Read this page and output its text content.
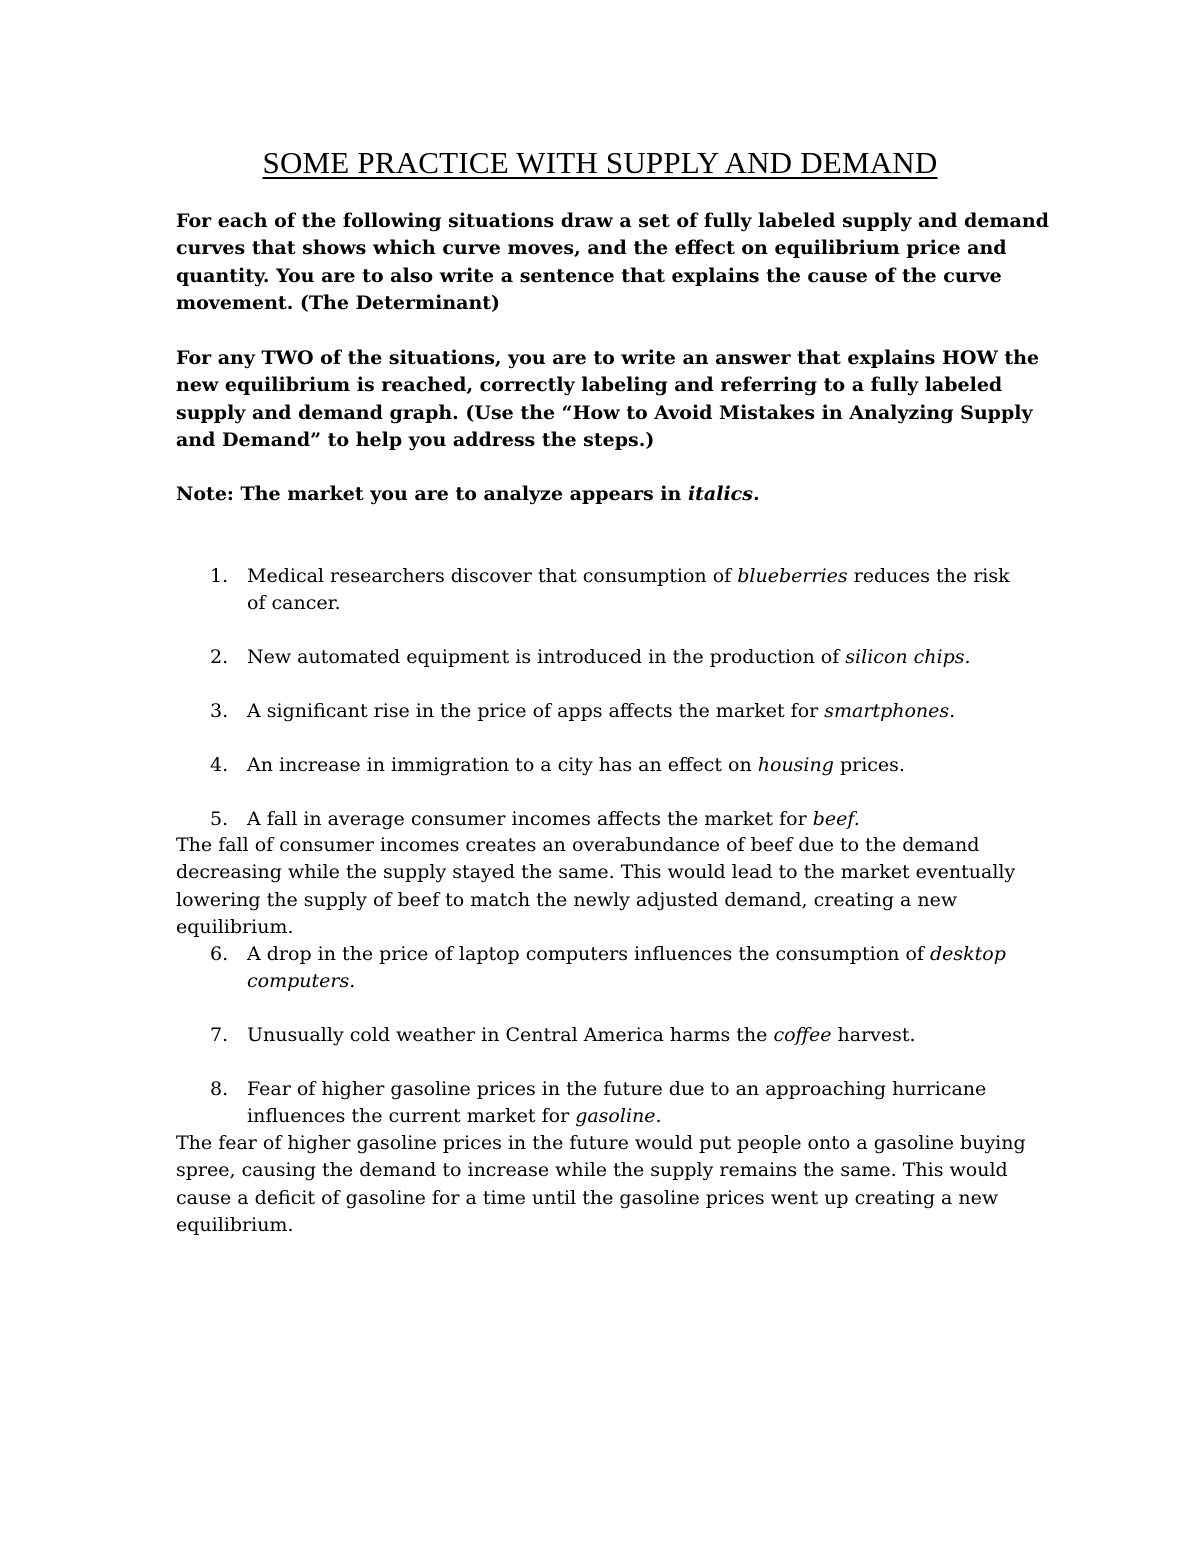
SOME PRACTICE WITH SUPPLY AND DEMAND

For each of the following situations draw a set of fully labeled supply and demand curves that shows which curve moves, and the effect on equilibrium price and quantity. You are to also write a sentence that explains the cause of the curve movement. (The Determinant)

For any TWO of the situations, you are to write an answer that explains HOW the new equilibrium is reached, correctly labeling and referring to a fully labeled supply and demand graph. (Use the “How to Avoid Mistakes in Analyzing Supply and Demand” to help you address the steps.)

Note: The market you are to analyze appears in italics.

1. Medical researchers discover that consumption of blueberries reduces the risk of cancer.
2. New automated equipment is introduced in the production of silicon chips.
3. A significant rise in the price of apps affects the market for smartphones.
4. An increase in immigration to a city has an effect on housing prices.
5. A fall in average consumer incomes affects the market for beef.

The fall of consumer incomes creates an overabundance of beef due to the demand decreasing while the supply stayed the same. This would lead to the market eventually lowering the supply of beef to match the newly adjusted demand, creating a new equilibrium.

6. A drop in the price of laptop computers influences the consumption of desktop computers.
7. Unusually cold weather in Central America harms the coffee harvest.
8. Fear of higher gasoline prices in the future due to an approaching hurricane influences the current market for gasoline.

The fear of higher gasoline prices in the future would put people onto a gasoline buying spree, causing the demand to increase while the supply remains the same. This would cause a deficit of gasoline for a time until the gasoline prices went up creating a new equilibrium.
